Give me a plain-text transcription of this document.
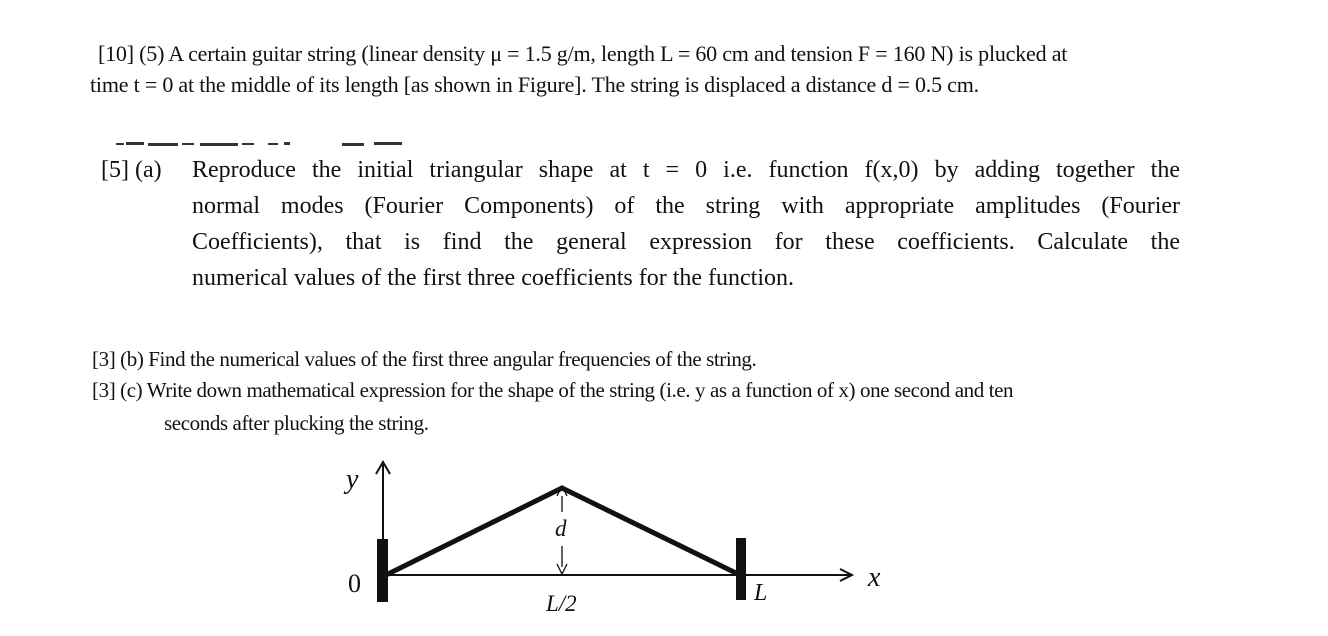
[10] (5) A certain guitar string (linear density μ = 1.5 g/m, length L = 60 cm and tension F = 160 N) is plucked at
time t = 0 at the middle of its length [as shown in Figure]. The string is displaced a distance d = 0.5 cm.
[5] (a) Reproduce the initial triangular shape at t = 0 i.e. function f(x,0) by adding together the
normal modes (Fourier Components) of the string with appropriate amplitudes (Fourier
Coefficients), that is find the general expression for these coefficients. Calculate the
numerical values of the first three coefficients for the function.
[3] (b) Find the numerical values of the first three angular frequencies of the string.
[3] (c) Write down mathematical expression for the shape of the string (i.e. y as a function of x) one second and ten
seconds after plucking the string.
y
x
d
0
L/2	L
